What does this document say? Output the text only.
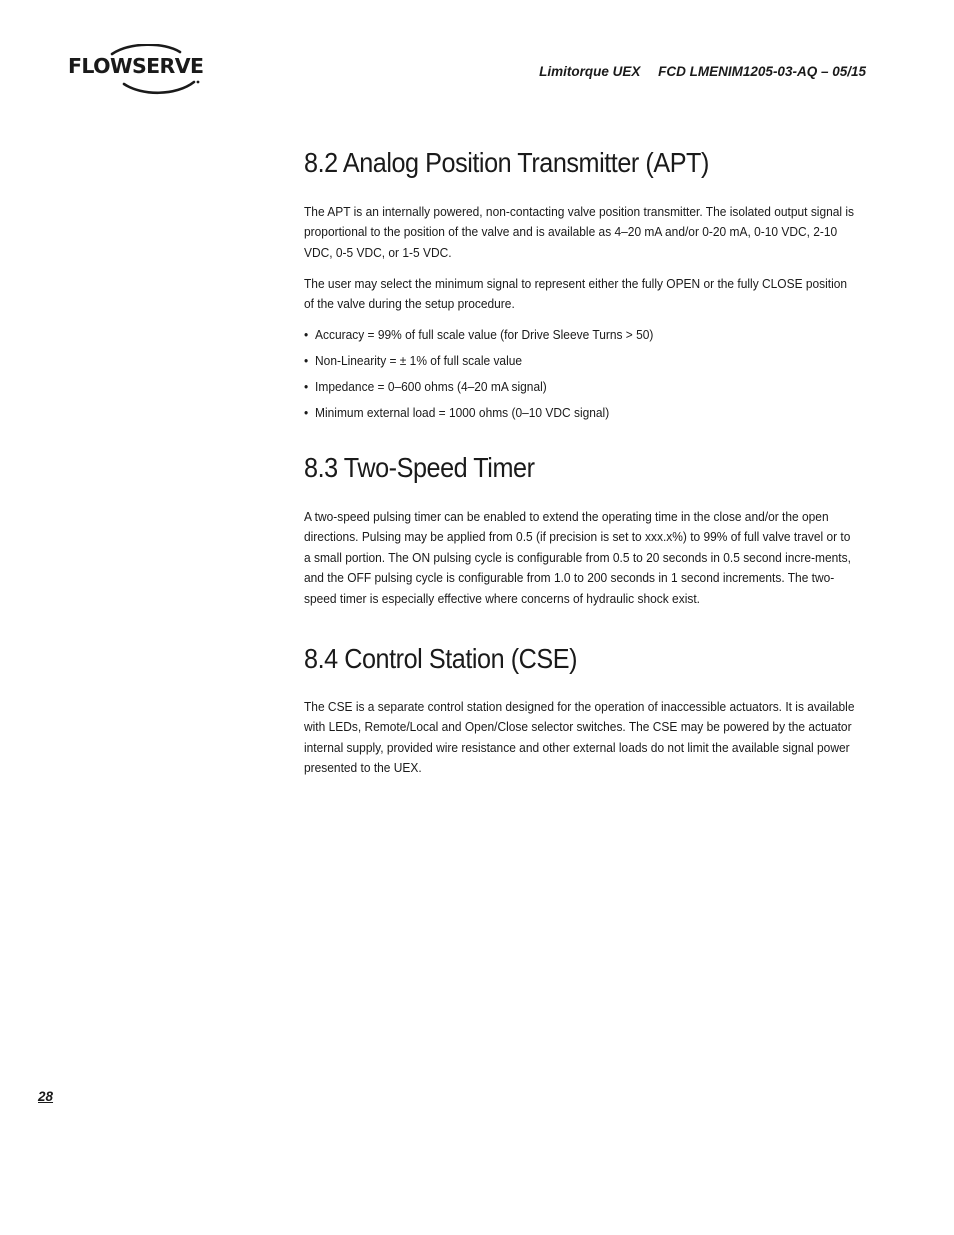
FLOWSERVE	Limitorque UEX FCD LMENIM1205-03-AQ – 05/15
8.2 Analog Position Transmitter (APT)

The APT is an internally powered, non-contacting valve position transmitter. The isolated output signal is proportional to the position of the valve and is available as 4–20 mA and/or 0-20 mA, 0-10 VDC, 2-10 VDC, 0-5 VDC, or 1-5 VDC.

The user may select the minimum signal to represent either the fully OPEN or the fully CLOSE position of the valve during the setup procedure.

• Accuracy = 99% of full scale value (for Drive Sleeve Turns > 50)
• Non-Linearity = ± 1% of full scale value
• Impedance = 0–600 ohms (4–20 mA signal)
• Minimum external load = 1000 ohms (0–10 VDC signal)
8.3 Two-Speed Timer

A two-speed pulsing timer can be enabled to extend the operating time in the close and/or the open directions. Pulsing may be applied from 0.5 (if precision is set to xxx.x%) to 99% of full valve travel or to a small portion. The ON pulsing cycle is configurable from 0.5 to 20 seconds in 0.5 second incre-ments, and the OFF pulsing cycle is configurable from 1.0 to 200 seconds in 1 second increments. The two-speed timer is especially effective where concerns of hydraulic shock exist.

8.4 Control Station (CSE)

The CSE is a separate control station designed for the operation of inaccessible actuators. It is available with LEDs, Remote/Local and Open/Close selector switches. The CSE may be powered by the actuator internal supply, provided wire resistance and other external loads do not limit the available signal power presented to the UEX.

28
